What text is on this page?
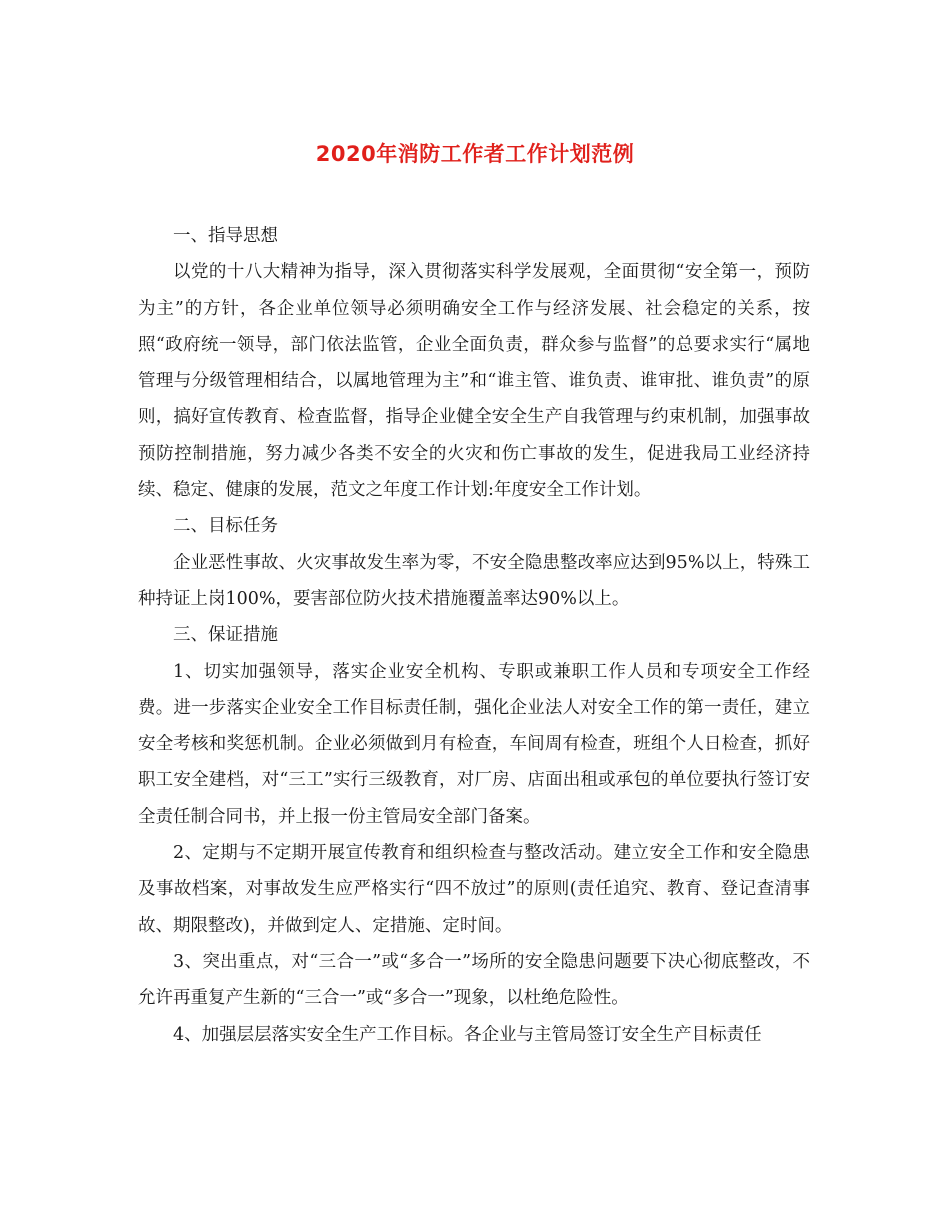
2020年消防工作者工作计划范例

一、指导思想

以党的十八大精神为指导，深入贯彻落实科学发展观，全面贯彻“安全第一，预防为主”的方针，各企业单位领导必须明确安全工作与经济发展、社会稳定的关系，按照“政府统一领导，部门依法监管，企业全面负责，群众参与监督”的总要求实行“属地管理与分级管理相结合，以属地管理为主”和“谁主管、谁负责、谁审批、谁负责”的原则，搞好宣传教育、检查监督，指导企业健全安全生产自我管理与约束机制，加强事故预防控制措施，努力减少各类不安全的火灾和伤亡事故的发生，促进我局工业经济持续、稳定、健康的发展，范文之年度工作计划:年度安全工作计划。

二、目标任务

企业恶性事故、火灾事故发生率为零，不安全隐患整改率应达到95%以上，特殊工种持证上岗100%，要害部位防火技术措施覆盖率达90%以上。

三、保证措施

1、切实加强领导，落实企业安全机构、专职或兼职工作人员和专项安全工作经费。进一步落实企业安全工作目标责任制，强化企业法人对安全工作的第一责任，建立安全考核和奖惩机制。企业必须做到月有检查，车间周有检查，班组个人日检查，抓好职工安全建档，对“三工”实行三级教育，对厂房、店面出租或承包的单位要执行签订安全责任制合同书，并上报一份主管局安全部门备案。

2、定期与不定期开展宣传教育和组织检查与整改活动。建立安全工作和安全隐患及事故档案，对事故发生应严格实行“四不放过”的原则(责任追究、教育、登记查清事故、期限整改)，并做到定人、定措施、定时间。

3、突出重点，对“三合一”或“多合一”场所的安全隐患问题要下决心彻底整改，不允许再重复产生新的“三合一”或“多合一”现象，以杜绝危险性。

4、加强层层落实安全生产工作目标。各企业与主管局签订安全生产目标责任
